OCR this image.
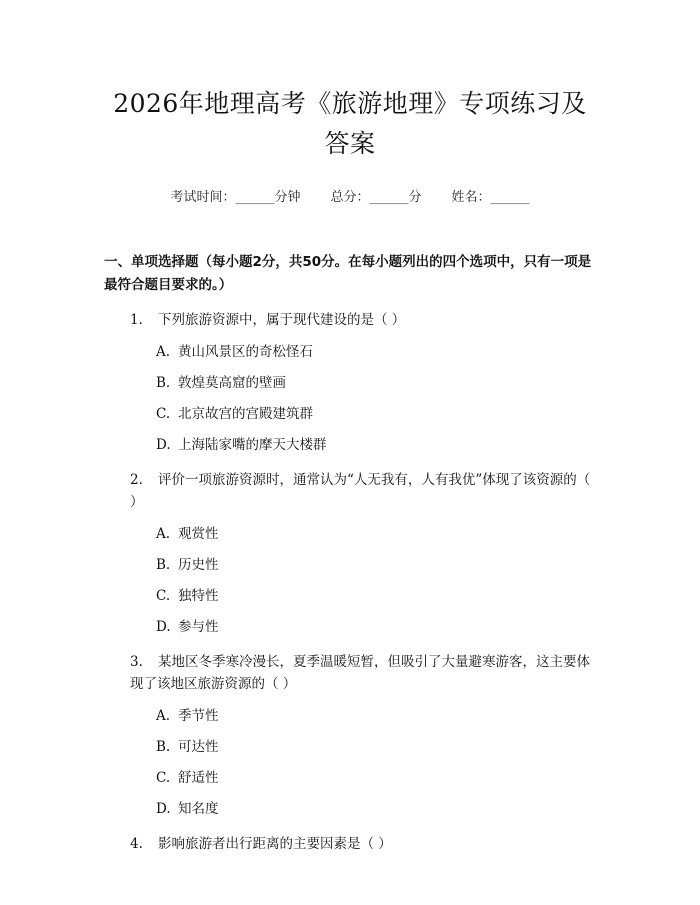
2026年地理高考《旅游地理》专项练习及答案
考试时间：______分钟 总分：______分 姓名：______
一、单项选择题（每小题2分，共50分。在每小题列出的四个选项中，只有一项是最符合题目要求的。）
1. 下列旅游资源中，属于现代建设的是（ ）
A. 黄山风景区的奇松怪石
B. 敦煌莫高窟的壁画
C. 北京故宫的宫殿建筑群
D. 上海陆家嘴的摩天大楼群
2. 评价一项旅游资源时，通常认为“人无我有，人有我优”体现了该资源的（ ）
A. 观赏性
B. 历史性
C. 独特性
D. 参与性
3. 某地区冬季寒冷漫长，夏季温暖短暂，但吸引了大量避寒游客，这主要体现了该地区旅游资源的（ ）
A. 季节性
B. 可达性
C. 舒适性
D. 知名度
4. 影响旅游者出行距离的主要因素是（ ）
